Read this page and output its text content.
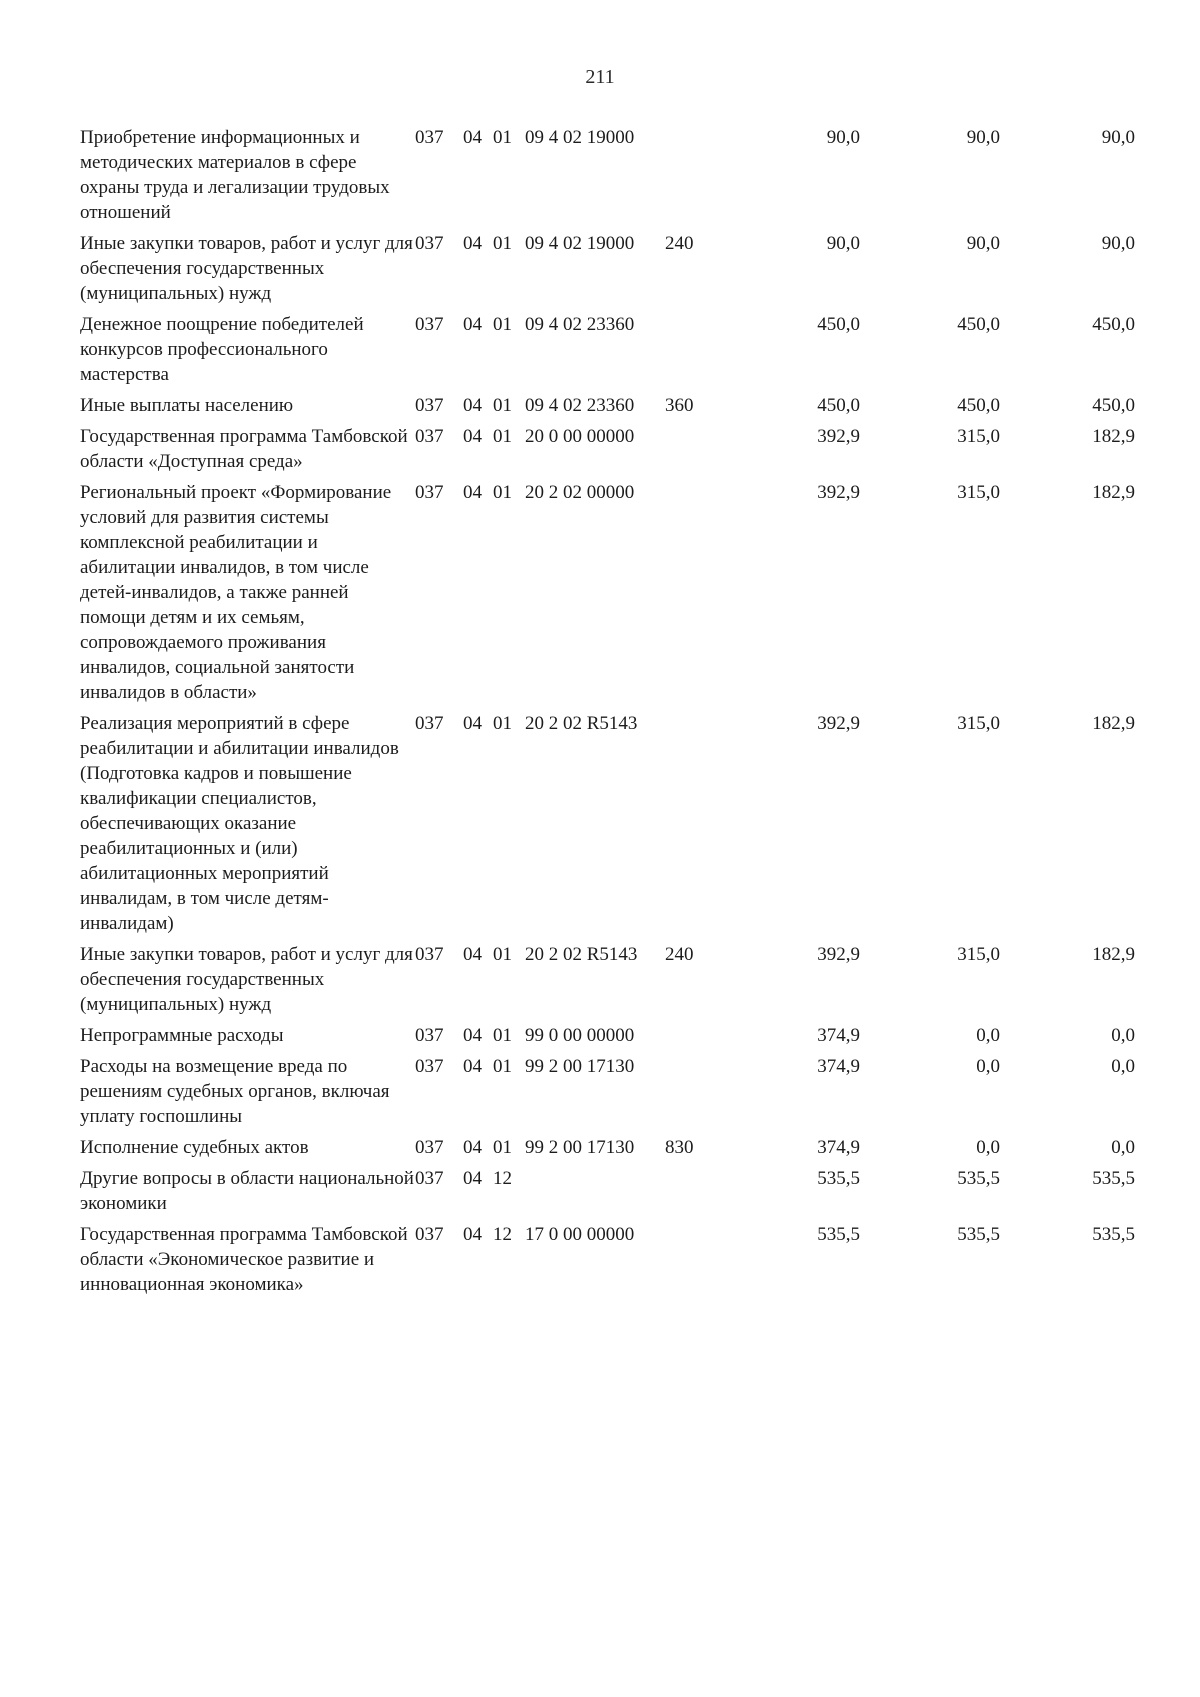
211
Приобретение информационных и методических материалов в сфере охраны труда и легализации трудовых отношений
037	04 01 09 4 02 19000	90,0	90,0	90,0
Иные закупки товаров, работ и услуг для обеспечения государственных (муниципальных) нужд
037	04 01 09 4 02 19000	240	90,0	90,0	90,0
Денежное поощрение победителей конкурсов профессионального мастерства
037	04 01 09 4 02 23360	450,0	450,0	450,0
Иные выплаты населению	037	04 01 09 4 02 23360	360	450,0	450,0	450,0
Государственная программа Тамбовской области «Доступная среда»
037	04 01 20 0 00 00000	392,9	315,0	182,9
Региональный проект «Формирование условий для развития системы комплексной реабилитации и абилитации инвалидов, в том числе детей-инвалидов, а также ранней помощи детям и их семьям, сопровождаемого проживания инвалидов, социальной занятости инвалидов в области»
037	04 01 20 2 02 00000	392,9	315,0	182,9
Реализация мероприятий в сфере реабилитации и абилитации инвалидов (Подготовка кадров и повышение квалификации специалистов, обеспечивающих оказание реабилитационных и (или) абилитационных мероприятий инвалидам, в том числе детям-инвалидам)
037	04 01 20 2 02 R5143	392,9	315,0	182,9
Иные закупки товаров, работ и услуг для обеспечения государственных (муниципальных) нужд
037	04 01 20 2 02 R5143	240	392,9	315,0	182,9
Непрограммные расходы	037	04 01 99 0 00 00000	374,9	0,0	0,0
Расходы на возмещение вреда по решениям судебных органов, включая уплату госпошлины
037	04 01 99 2 00 17130	374,9	0,0	0,0
Исполнение судебных актов	037	04 01 99 2 00 17130	830	374,9	0,0	0,0
Другие вопросы в области национальной экономики
037	04 12	535,5	535,5	535,5
Государственная программа Тамбовской области «Экономическое развитие и инновационная экономика»
037	04 12 17 0 00 00000	535,5	535,5	535,5
